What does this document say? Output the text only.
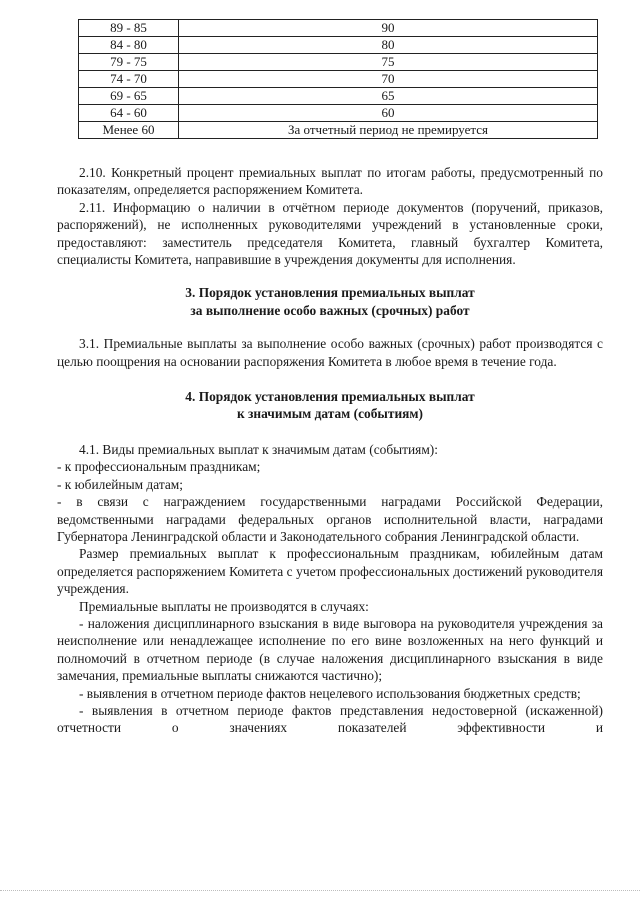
89 - 85	90
84 - 80	80
79 - 75	75
74 - 70	70
69 - 65	65
64 - 60	60
Менее 60	За отчетный период не премируется

2.10. Конкретный процент премиальных выплат по итогам работы, предусмотренный по показателям, определяется распоряжением Комитета.

2.11. Информацию о наличии в отчётном периоде документов (поручений, приказов, распоряжений), не исполненных руководителями учреждений в установленные сроки, предоставляют: заместитель председателя Комитета, главный бухгалтер Комитета, специалисты Комитета, направившие в учреждения документы для исполнения.

3. Порядок установления премиальных выплат

за выполнение особо важных (срочных) работ

3.1. Премиальные выплаты за выполнение особо важных (срочных) работ производятся с целью поощрения на основании распоряжения Комитета в любое время в течение года.

4. Порядок установления премиальных выплат

к значимым датам (событиям)

4.1. Виды премиальных выплат к значимым датам (событиям):

- к профессиональным праздникам;

- к юбилейным датам;

- в связи с награждением государственными наградами Российской Федерации, ведомственными наградами федеральных органов исполнительной власти, наградами Губернатора Ленинградской области и Законодательного собрания Ленинградской области.

Размер премиальных выплат к профессиональным праздникам, юбилейным датам определяется распоряжением Комитета с учетом профессиональных достижений руководителя учреждения.

Премиальные выплаты не производятся в случаях:

- наложения дисциплинарного взыскания в виде выговора на руководителя учреждения за неисполнение или ненадлежащее исполнение по его вине возложенных на него функций и полномочий в отчетном периоде (в случае наложения дисциплинарного взыскания в виде замечания, премиальные выплаты снижаются частично);

- выявления в отчетном периоде фактов нецелевого использования бюджетных средств;

- выявления в отчетном периоде фактов представления недостоверной (искаженной) отчетности о значениях показателей эффективности и
